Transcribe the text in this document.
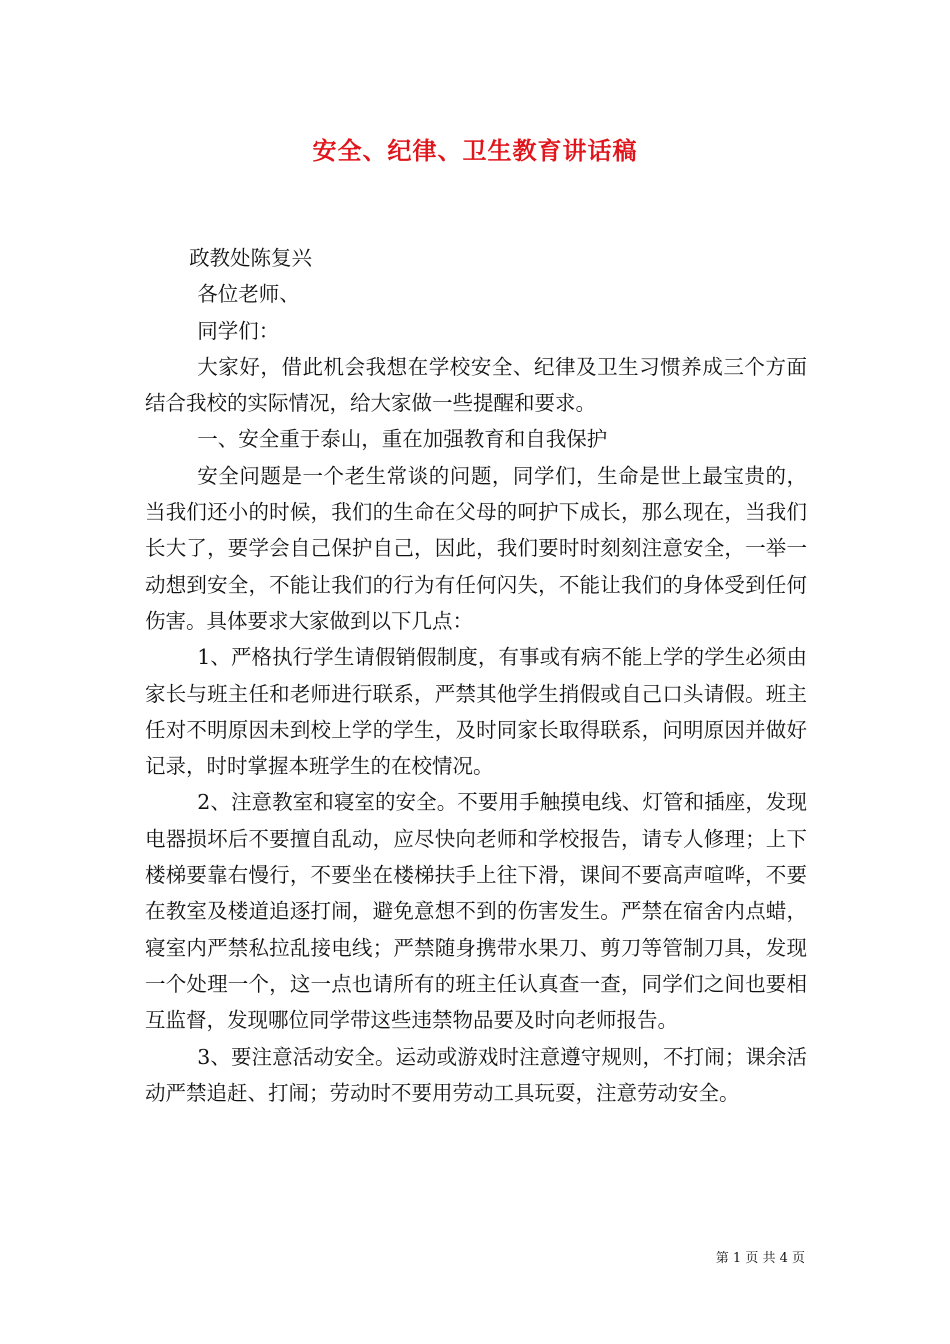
安全、纪律、卫生教育讲话稿

政教处陈复兴

各位老师、

同学们：

大家好，借此机会我想在学校安全、纪律及卫生习惯养成三个方面结合我校的实际情况，给大家做一些提醒和要求。

一、安全重于泰山，重在加强教育和自我保护

安全问题是一个老生常谈的问题，同学们，生命是世上最宝贵的，当我们还小的时候，我们的生命在父母的呵护下成长，那么现在，当我们长大了，要学会自己保护自己，因此，我们要时时刻刻注意安全，一举一动想到安全，不能让我们的行为有任何闪失，不能让我们的身体受到任何伤害。具体要求大家做到以下几点：

1、严格执行学生请假销假制度，有事或有病不能上学的学生必须由家长与班主任和老师进行联系，严禁其他学生捎假或自己口头请假。班主任对不明原因未到校上学的学生，及时同家长取得联系，问明原因并做好记录，时时掌握本班学生的在校情况。

2、注意教室和寝室的安全。不要用手触摸电线、灯管和插座，发现电器损坏后不要擅自乱动，应尽快向老师和学校报告，请专人修理；上下楼梯要靠右慢行，不要坐在楼梯扶手上往下滑，课间不要高声喧哗，不要在教室及楼道追逐打闹，避免意想不到的伤害发生。严禁在宿舍内点蜡，寝室内严禁私拉乱接电线；严禁随身携带水果刀、剪刀等管制刀具，发现一个处理一个，这一点也请所有的班主任认真查一查，同学们之间也要相互监督，发现哪位同学带这些违禁物品要及时向老师报告。

3、要注意活动安全。运动或游戏时注意遵守规则，不打闹；课余活动严禁追赶、打闹；劳动时不要用劳动工具玩耍，注意劳动安全。

第 1 页 共 4 页
